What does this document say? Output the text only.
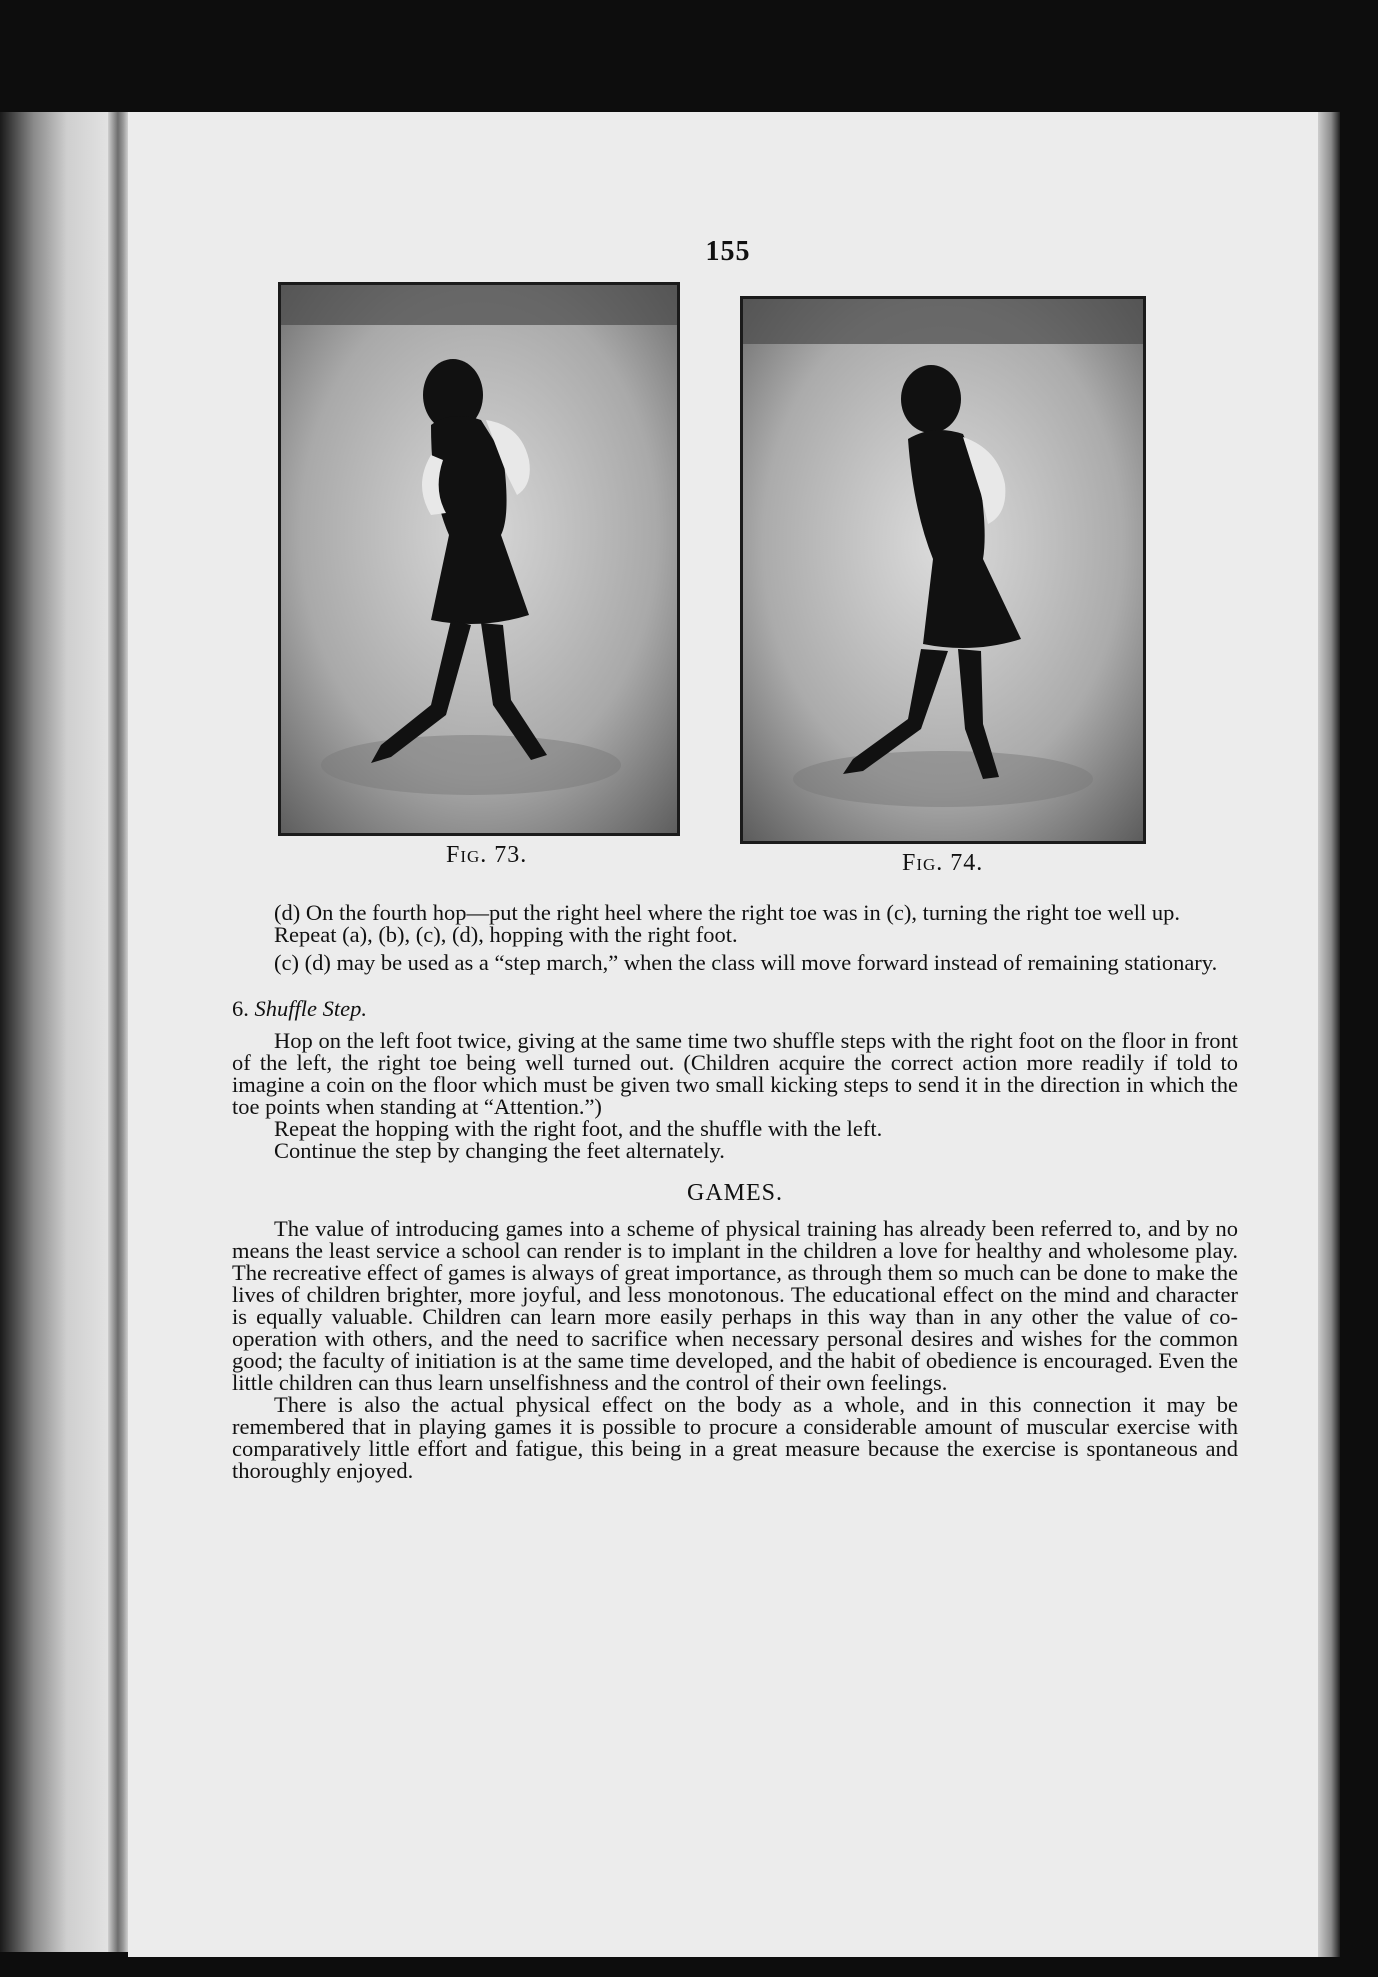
155
Fig. 73.	Fig. 74.

(d) On the fourth hop—put the right heel where the right toe was in (c), turning the right toe well up.

Repeat (a), (b), (c), (d), hopping with the right foot.

(c) (d) may be used as a “step march,” when the class will move forward instead of remaining stationary.

6. Shuffle Step.

Hop on the left foot twice, giving at the same time two shuffle steps with the right foot on the floor in front of the left, the right toe being well turned out. (Children acquire the correct action more readily if told to imagine a coin on the floor which must be given two small kicking steps to send it in the direction in which the toe points when standing at “Attention.”)

Repeat the hopping with the right foot, and the shuffle with the left.

Continue the step by changing the feet alternately.

GAMES.

The value of introducing games into a scheme of physical training has already been referred to, and by no means the least service a school can render is to implant in the children a love for healthy and wholesome play. The recreative effect of games is always of great importance, as through them so much can be done to make the lives of children brighter, more joyful, and less monotonous. The educational effect on the mind and character is equally valuable. Children can learn more easily perhaps in this way than in any other the value of co-operation with others, and the need to sacrifice when necessary personal desires and wishes for the common good; the faculty of initiation is at the same time developed, and the habit of obedience is encouraged. Even the little children can thus learn unselfishness and the control of their own feelings.

There is also the actual physical effect on the body as a whole, and in this connection it may be remembered that in playing games it is possible to procure a considerable amount of muscular exercise with comparatively little effort and fatigue, this being in a great measure because the exercise is spontaneous and thoroughly enjoyed.
